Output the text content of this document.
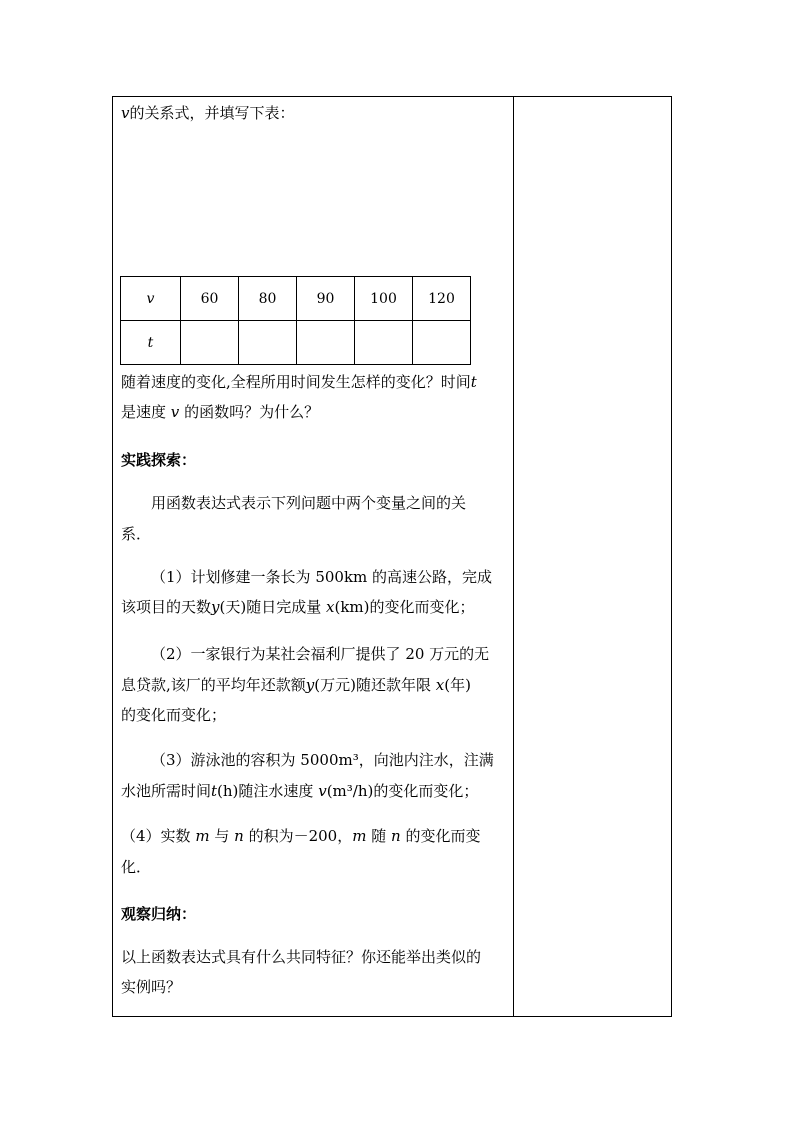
v的关系式，并填写下表：
v	60	80	90	100	120
t					
随着速度的变化,全程所用时间发生怎样的变化？时间t
是速度 v 的函数吗？为什么？
实践探索：
用函数表达式表示下列问题中两个变量之间的关
系．
（1）计划修建一条长为 500km 的高速公路，完成
该项目的天数y(天)随日完成量 x(km)的变化而变化；
（2）一家银行为某社会福利厂提供了 20 万元的无
息贷款,该厂的平均年还款额y(万元)随还款年限 x(年)
的变化而变化；
（3）游泳池的容积为 5000m³，向池内注水，注满
水池所需时间t(h)随注水速度 v(m³/h)的变化而变化；
（4）实数 m 与 n 的积为－200，m 随 n 的变化而变
化．
观察归纳：
以上函数表达式具有什么共同特征？你还能举出类似的
实例吗？
